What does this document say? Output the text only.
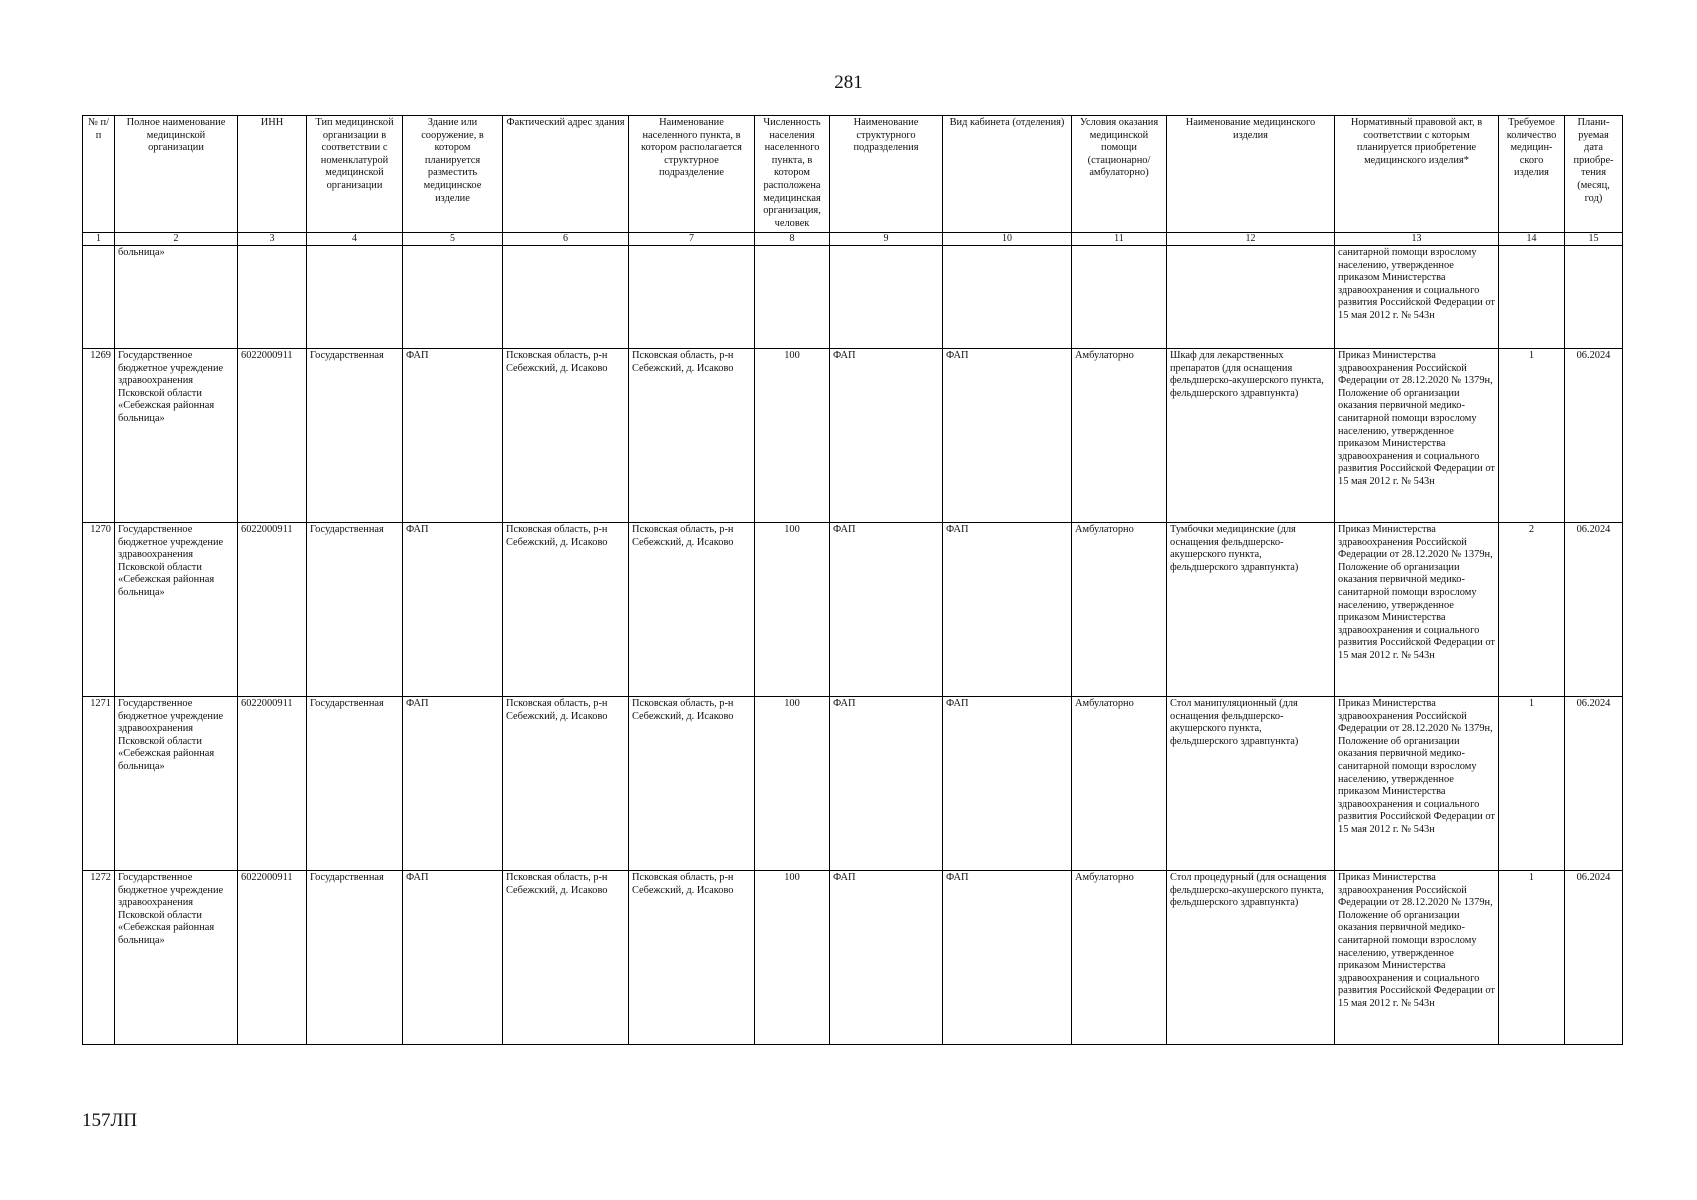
281
№ п/п	Полное наименование медицинской организации	ИНН	Тип медицинской организации в соответствии с номенклатурой медицинской организации	Здание или сооружение, в котором планируется разместить медицинское изделие	Фактический адрес здания	Наименование населенного пункта, в котором располагается структурное подразделение	Численность населения населенного пункта, в котором расположена медицинская организация, человек	Наименование структурного подразделения	Вид кабинета (отделения)	Условия оказания медицинской помощи (стационарно/ амбулаторно)	Наименование медицинского изделия	Нормативный правовой акт, в соответствии с которым планируется приобретение медицинского изделия*	Требуемое количество медицин-ского изделия	Плани-руемая дата приобре-тения (месяц, год)
1	2	3	4	5	6	7	8	9	10	11	12	13	14	15
	больница»											санитарной помощи взрослому населению, утвержденное приказом Министерства здравоохранения и социального развития Российской Федерации от 15 мая 2012 г. № 543н		
1269	Государственное бюджетное учреждение здравоохранения Псковской области «Себежская районная больница»	6022000911	Государственная	ФАП	Псковская область, р-н Себежский, д. Исаково	Псковская область, р-н Себежский, д. Исаково	100	ФАП	ФАП	Амбулаторно	Шкаф для лекарственных препаратов (для оснащения фельдшерско-акушерского пункта, фельдшерского здравпункта)	Приказ Министерства здравоохранения Российской Федерации от 28.12.2020 № 1379н, Положение об организации оказания первичной медико-санитарной помощи взрослому населению, утвержденное приказом Министерства здравоохранения и социального развития Российской Федерации от 15 мая 2012 г. № 543н	1	06.2024
1270	Государственное бюджетное учреждение здравоохранения Псковской области «Себежская районная больница»	6022000911	Государственная	ФАП	Псковская область, р-н Себежский, д. Исаково	Псковская область, р-н Себежский, д. Исаково	100	ФАП	ФАП	Амбулаторно	Тумбочки медицинские (для оснащения фельдшерско-акушерского пункта, фельдшерского здравпункта)	Приказ Министерства здравоохранения Российской Федерации от 28.12.2020 № 1379н, Положение об организации оказания первичной медико-санитарной помощи взрослому населению, утвержденное приказом Министерства здравоохранения и социального развития Российской Федерации от 15 мая 2012 г. № 543н	2	06.2024
1271	Государственное бюджетное учреждение здравоохранения Псковской области «Себежская районная больница»	6022000911	Государственная	ФАП	Псковская область, р-н Себежский, д. Исаково	Псковская область, р-н Себежский, д. Исаково	100	ФАП	ФАП	Амбулаторно	Стол манипуляционный (для оснащения фельдшерско-акушерского пункта, фельдшерского здравпункта)	Приказ Министерства здравоохранения Российской Федерации от 28.12.2020 № 1379н, Положение об организации оказания первичной медико-санитарной помощи взрослому населению, утвержденное приказом Министерства здравоохранения и социального развития Российской Федерации от 15 мая 2012 г. № 543н	1	06.2024
1272	Государственное бюджетное учреждение здравоохранения Псковской области «Себежская районная больница»	6022000911	Государственная	ФАП	Псковская область, р-н Себежский, д. Исаково	Псковская область, р-н Себежский, д. Исаково	100	ФАП	ФАП	Амбулаторно	Стол процедурный (для оснащения фельдшерско-акушерского пункта, фельдшерского здравпункта)	Приказ Министерства здравоохранения Российской Федерации от 28.12.2020 № 1379н, Положение об организации оказания первичной медико-санитарной помощи взрослому населению, утвержденное приказом Министерства здравоохранения и социального развития Российской Федерации от 15 мая 2012 г. № 543н	1	06.2024
157ЛП
